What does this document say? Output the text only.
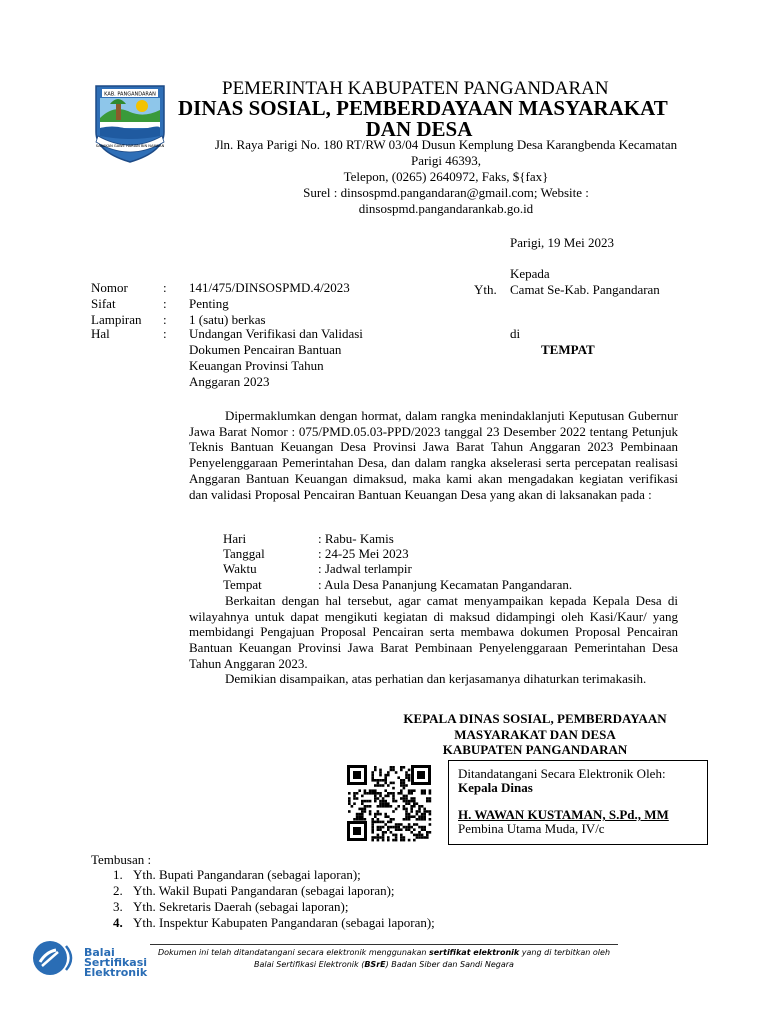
KAB. PANGANDARAN
SARAKAN GAWE HARIAN BIN NAMAAN
PEMERINTAH KABUPATEN PANGANDARAN
DINAS SOSIAL, PEMBERDAYAAN MASYARAKAT
DAN DESA
Jln. Raya Parigi No. 180 RT/RW 03/04 Dusun Kemplung Desa Karangbenda Kecamatan
Parigi 46393,
Telepon, (0265) 2640972, Faks, ${fax}
Surel : dinsospmd.pangandaran@gmail.com; Website :
dinsospmd.pangandarankab.go.id
Parigi, 19 Mei 2023
Kepada
Yth. Camat Se-Kab. Pangandaran
di
TEMPAT
Nomor	: 141/475/DINSOSPMD.4/2023
Sifat	: Penting
Lampiran : 1 (satu) berkas
Hal	: Undangan Verifikasi dan Validasi
Dokumen Pencairan Bantuan
Keuangan Provinsi Tahun
Anggaran 2023
Dipermaklumkan dengan hormat, dalam rangka menindaklanjuti Keputusan Gubernur Jawa Barat Nomor : 075/PMD.05.03-PPD/2023 tanggal 23 Desember 2022 tentang Petunjuk Teknis Bantuan Keuangan Desa Provinsi Jawa Barat Tahun Anggaran 2023 Pembinaan Penyelenggaraan Pemerintahan Desa, dan dalam rangka akselerasi serta percepatan realisasi Anggaran Bantuan Keuangan dimaksud, maka kami akan mengadakan kegiatan verifikasi dan validasi Proposal Pencairan Bantuan Keuangan Desa yang akan di laksanakan pada :
Hari	: Rabu- Kamis
Tanggal	: 24-25 Mei 2023
Waktu	: Jadwal terlampir
Tempat	: Aula Desa Pananjung Kecamatan Pangandaran.
Berkaitan dengan hal tersebut, agar camat menyampaikan kepada Kepala Desa di wilayahnya untuk dapat mengikuti kegiatan di maksud didampingi oleh Kasi/Kaur/ yang membidangi Pengajuan Proposal Pencairan serta membawa dokumen Proposal Pencairan Bantuan Keuangan Provinsi Jawa Barat Pembinaan Penyelenggaraan Pemerintahan Desa Tahun Anggaran 2023.
Demikian disampaikan, atas perhatian dan kerjasamanya dihaturkan terimakasih.
KEPALA DINAS SOSIAL, PEMBERDAYAAN
MASYARAKAT DAN DESA
KABUPATEN PANGANDARAN
Ditandatangani Secara Elektronik Oleh:
Kepala Dinas
H. WAWAN KUSTAMAN, S.Pd., MM
Pembina Utama Muda, IV/c
Tembusan :
1. Yth. Bupati Pangandaran (sebagai laporan);
2. Yth. Wakil Bupati Pangandaran (sebagai laporan);
3. Yth. Sekretaris Daerah (sebagai laporan);
4. Yth. Inspektur Kabupaten Pangandaran (sebagai laporan);
Balai
Sertifikasi
Elektronik
Dokumen ini telah ditandatangani secara elektronik menggunakan sertifikat elektronik yang di terbitkan oleh
Balai Sertifikasi Elektronik (BSrE) Badan Siber dan Sandi Negara
